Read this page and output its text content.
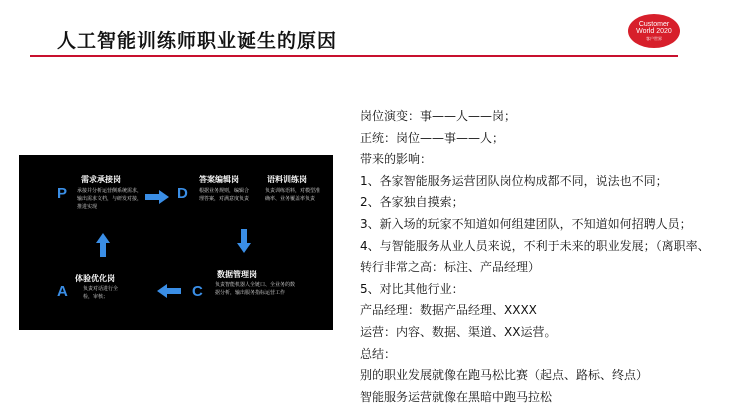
人工智能训练师职业诞生的原因
Customer
World 2020
客户世界
P
需求承接岗
承接并分析运营侧系统需求，输出需求文档，与研发对接，推进实现
D
答案编辑岗
根据业务规则，编辑合理答案，对满意度负责
语料训练岗
负责训练语料，对模型准确率、业务覆盖率负责
C
数据管理岗
负责智能机器人全链口、全业务的数据分析，输出服务指标运营工作
A
体验优化岗
负责对话进行全检，审核；
岗位演变：事——人——岗；
正统：岗位——事——人；
带来的影响：
1、各家智能服务运营团队岗位构成都不同，说法也不同；
2、各家独自摸索；
3、新入场的玩家不知道如何组建团队，不知道如何招聘人员；
4、与智能服务从业人员来说，不利于未来的职业发展；（离职率、
转行非常之高：标注、产品经理）
5、对比其他行业：
产品经理：数据产品经理、XXXX
运营：内容、数据、渠道、XX运营。
总结：
别的职业发展就像在跑马松比赛（起点、路标、终点）
智能服务运营就像在黑暗中跑马拉松
